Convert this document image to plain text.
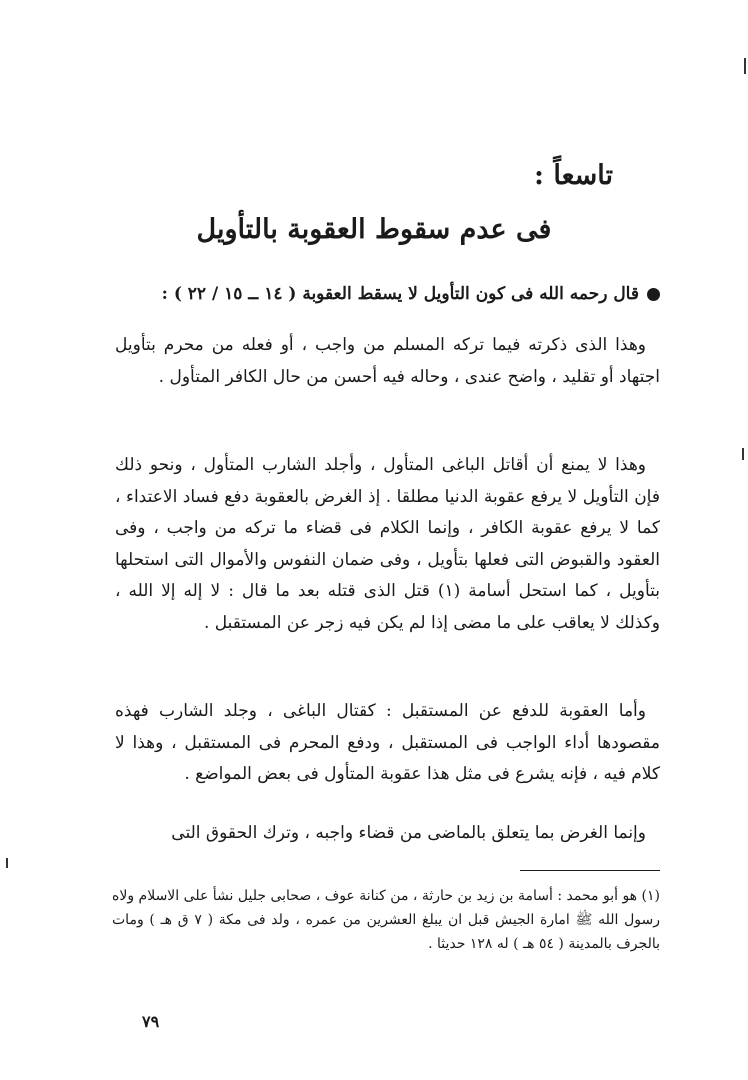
تاسعاً :
فى عدم سقوط العقوبة بالتأويل
قال رحمه الله فى كون التأويل لا يسقط العقوبة ( ١٤ ــ ١٥ / ٢٢ ) :

وهذا الذى ذكرته فيما تركه المسلم من واجب ، أو فعله من محرم بتأويل اجتهاد أو تقليد ، واضح عندى ، وحاله فيه أحسن من حال الكافر المتأول .

وهذا لا يمنع أن أقاتل الباغى المتأول ، وأجلد الشارب المتأول ، ونحو ذلك فإن التأويل لا يرفع عقوبة الدنيا مطلقا . إذ الغرض بالعقوبة دفع فساد الاعتداء ، كما لا يرفع عقوبة الكافر ، وإنما الكلام فى قضاء ما تركه من واجب ، وفى العقود والقبوض التى فعلها بتأويل ، وفى ضمان النفوس والأموال التى استحلها بتأويل ، كما استحل أسامة (١) قتل الذى قتله بعد ما قال : لا إله إلا الله ، وكذلك لا يعاقب على ما مضى إذا لم يكن فيه زجر عن المستقبل .

وأما العقوبة للدفع عن المستقبل : كقتال الباغى ، وجلد الشارب فهذه مقصودها أداء الواجب فى المستقبل ، ودفع المحرم فى المستقبل ، وهذا لا كلام فيه ، فإنه يشرع فى مثل هذا عقوبة المتأول فى بعض المواضع .

وإنما الغرض بما يتعلق بالماضى من قضاء واجبه ، وترك الحقوق التى

(١) هو أبو محمد : أسامة بن زيد بن حارثة ، من كنانة عوف ، صحابى جليل نشأ على الاسلام ولاه رسول الله ﷺ امارة الجيش قبل ان يبلغ العشرين من عمره ، ولد فى مكة ( ٧ ق هـ ) ومات بالجرف بالمدينة ( ٥٤ هـ ) له ١٢٨ حديثا .
٧٩
